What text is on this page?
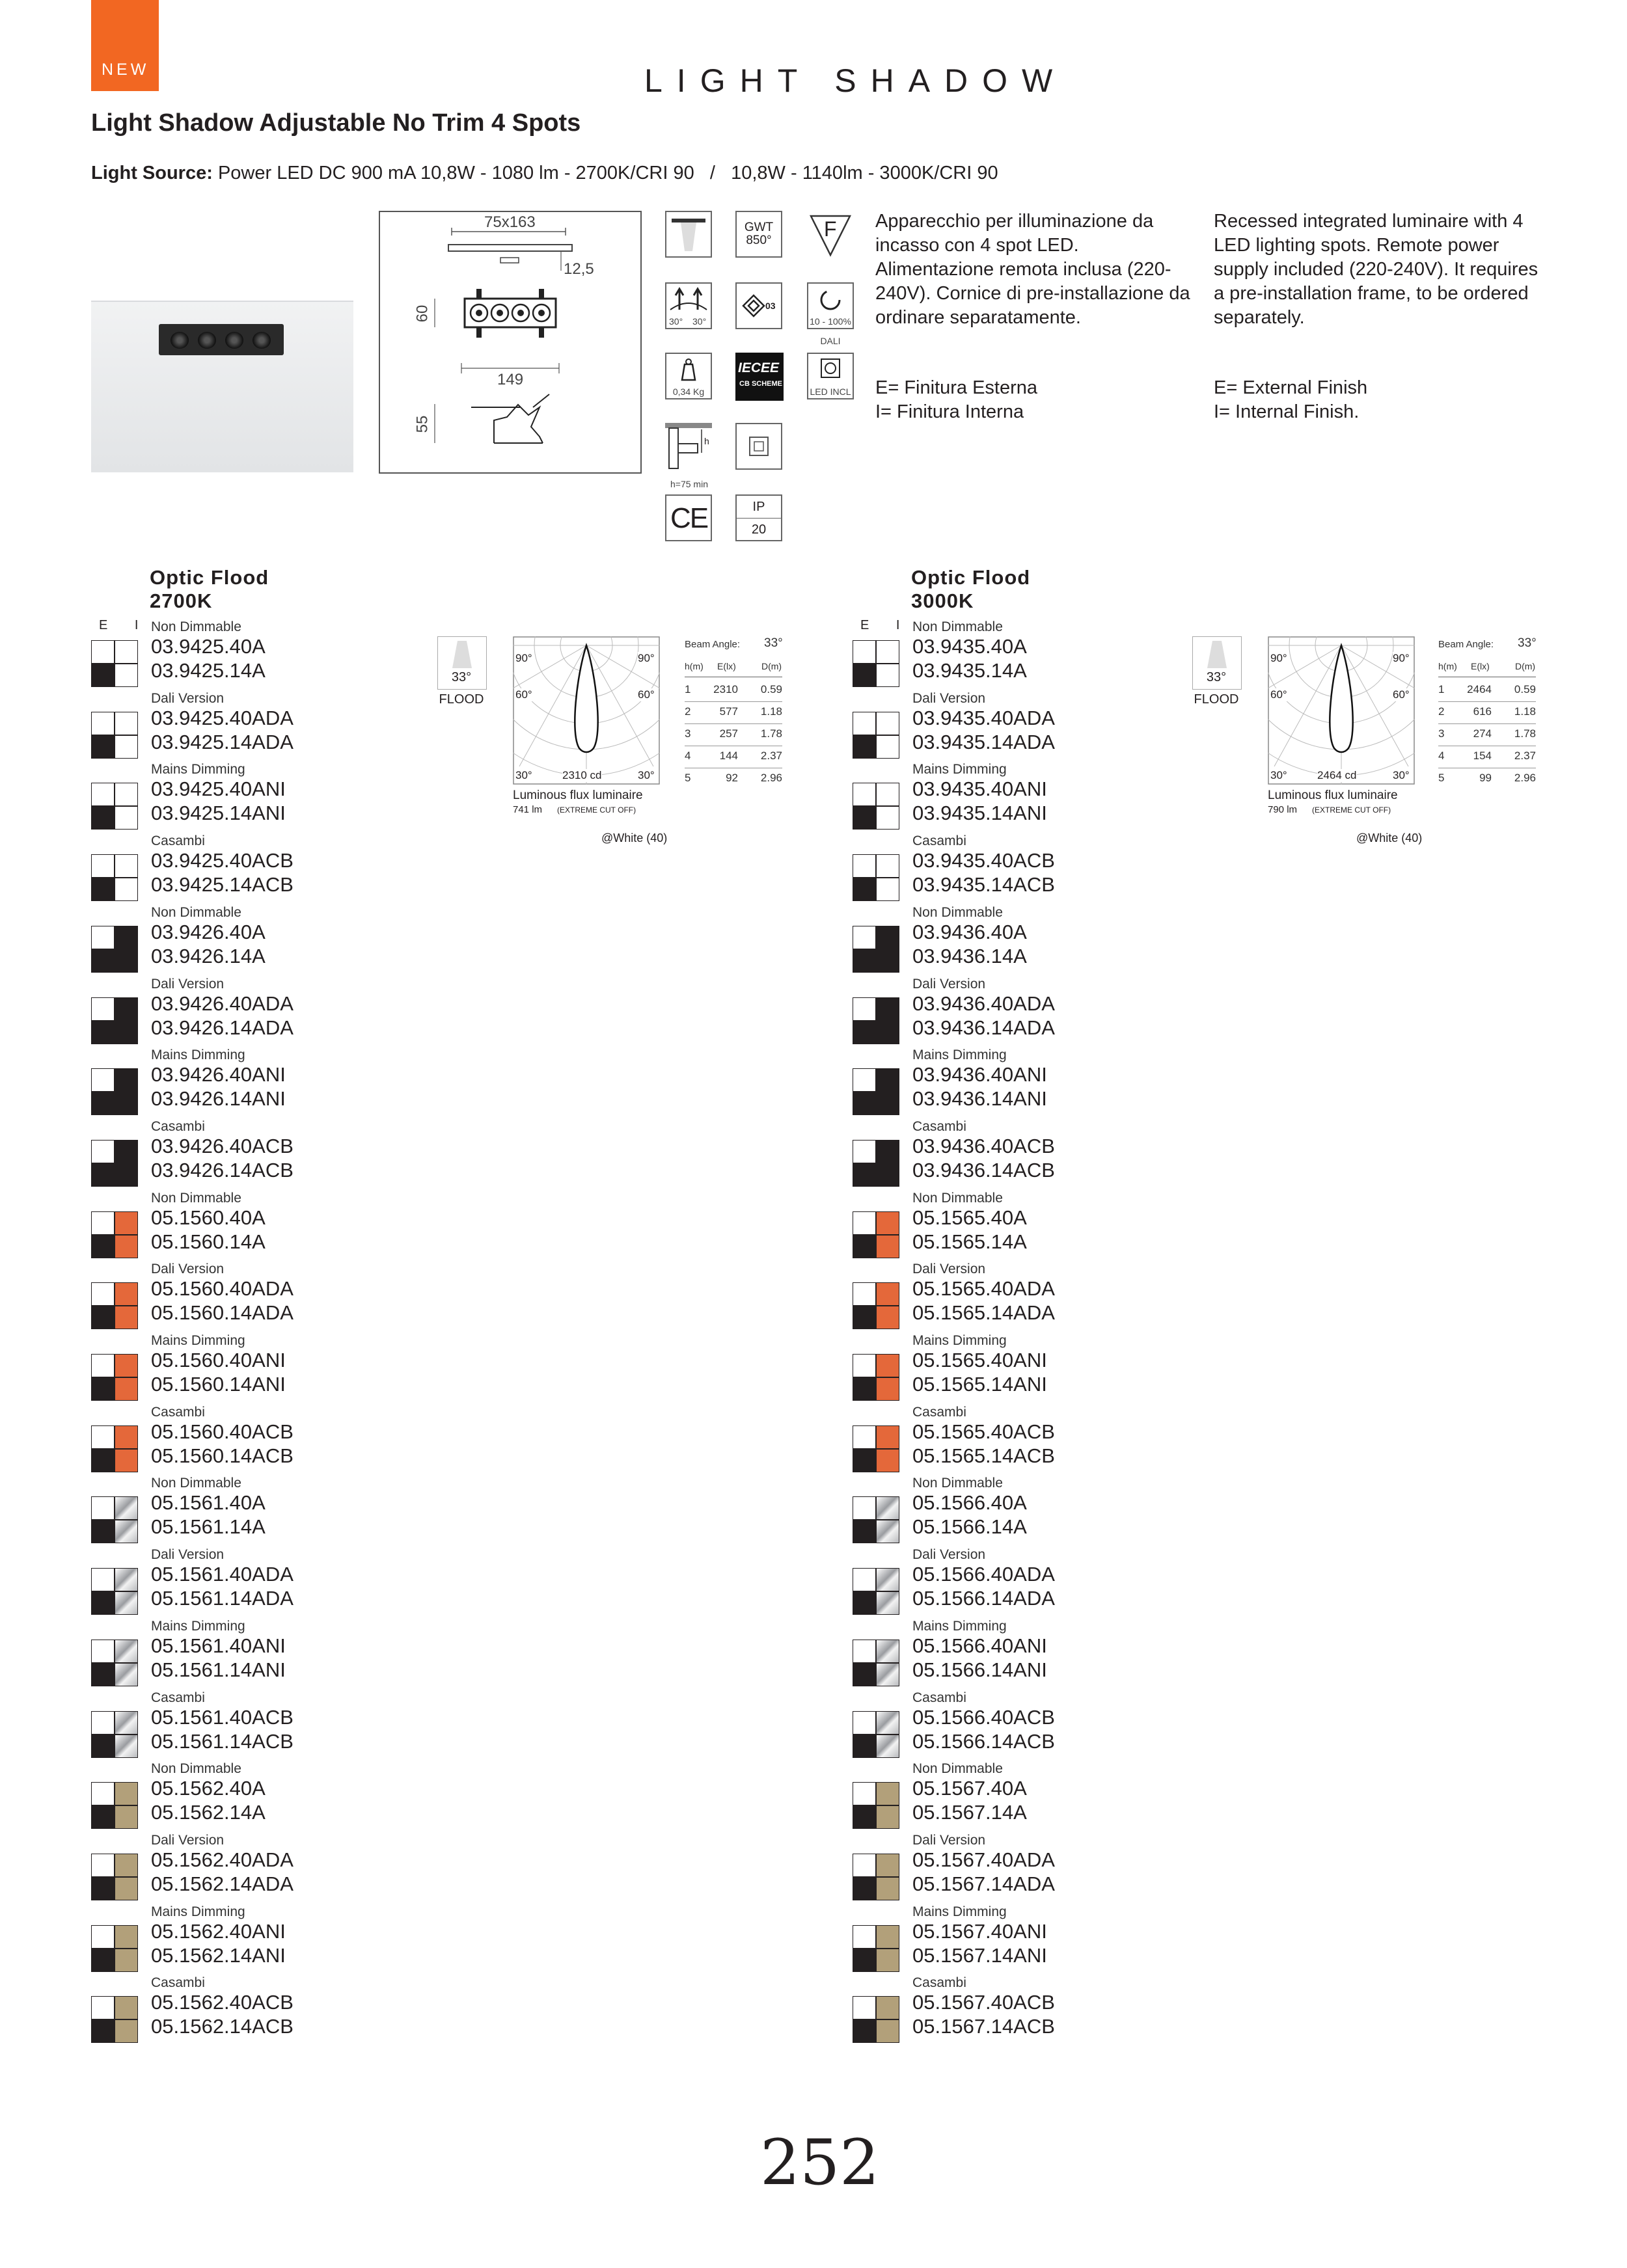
NEW	LIGHT SHADOW
Light Shadow Adjustable No Trim 4 Spots
Light Source: Power LED DC 900 mA 10,8W - 1080 lm - 2700K/CRI 90   /   10,8W - 1140lm - 3000K/CRI 90
75x163
12,5
60
149
55
GWT
850°	F
30° 30°
03
10 - 100%
DALI
0,34 Kg
IECEE
CB SCHEME
LED INCL
h
h=75 min
CE	IP
20
Apparecchio per illuminazione da incasso con 4 spot LED. Alimentazione remota inclusa (220-240V). Cornice di pre-installazione da ordinare separatamente.
E= Finitura Esterna
I= Finitura Interna
Recessed integrated luminaire with 4 LED lighting spots. Remote power supply included (220-240V). It requires a pre-installation frame, to be ordered separately.
E= External Finish
I= Internal Finish.
Optic Flood
2700K
E I Non Dimmable
03.9425.40A
03.9425.14A
Dali Version
03.9425.40ADA
03.9425.14ADA
Mains Dimming
03.9425.40ANI
03.9425.14ANI
Casambi
03.9425.40ACB
03.9425.14ACB
Non Dimmable
03.9426.40A
03.9426.14A
Dali Version
03.9426.40ADA
03.9426.14ADA
Mains Dimming
03.9426.40ANI
03.9426.14ANI
Casambi
03.9426.40ACB
03.9426.14ACB
Non Dimmable
05.1560.40A
05.1560.14A
Dali Version
05.1560.40ADA
05.1560.14ADA
Mains Dimming
05.1560.40ANI
05.1560.14ANI
Casambi
05.1560.40ACB
05.1560.14ACB
Non Dimmable
05.1561.40A
05.1561.14A
Dali Version
05.1561.40ADA
05.1561.14ADA
Mains Dimming
05.1561.40ANI
05.1561.14ANI
Casambi
05.1561.40ACB
05.1561.14ACB
Non Dimmable
05.1562.40A
05.1562.14A
Dali Version
05.1562.40ADA
05.1562.14ADA
Mains Dimming
05.1562.40ANI
05.1562.14ANI
Casambi
05.1562.40ACB
05.1562.14ACB
33°
FLOOD
90°	90°
60°	60°
30°	30°
2310 cd
Luminous flux luminaire
741 lm (EXTREME CUT OFF)
@White (40)
Beam Angle: 33°
h(m) E(lx)	D(m)
1	2310	0.59
2	577	1.18
3	257	1.78
4	144	2.37
5	92	2.96
Optic Flood
3000K
E I Non Dimmable
03.9435.40A
03.9435.14A
Dali Version
03.9435.40ADA
03.9435.14ADA
Mains Dimming
03.9435.40ANI
03.9435.14ANI
Casambi
03.9435.40ACB
03.9435.14ACB
Non Dimmable
03.9436.40A
03.9436.14A
Dali Version
03.9436.40ADA
03.9436.14ADA
Mains Dimming
03.9436.40ANI
03.9436.14ANI
Casambi
03.9436.40ACB
03.9436.14ACB
Non Dimmable
05.1565.40A
05.1565.14A
Dali Version
05.1565.40ADA
05.1565.14ADA
Mains Dimming
05.1565.40ANI
05.1565.14ANI
Casambi
05.1565.40ACB
05.1565.14ACB
Non Dimmable
05.1566.40A
05.1566.14A
Dali Version
05.1566.40ADA
05.1566.14ADA
Mains Dimming
05.1566.40ANI
05.1566.14ANI
Casambi
05.1566.40ACB
05.1566.14ACB
Non Dimmable
05.1567.40A
05.1567.14A
Dali Version
05.1567.40ADA
05.1567.14ADA
Mains Dimming
05.1567.40ANI
05.1567.14ANI
Casambi
05.1567.40ACB
05.1567.14ACB
33°
FLOOD
90°	90°
60°	60°
30°	30°
2464 cd
Luminous flux luminaire
790 lm (EXTREME CUT OFF)
@White (40)
Beam Angle: 33°
h(m) E(lx)	D(m)
1	2464	0.59
2	616	1.18
3	274	1.78
4	154	2.37
5	99	2.96
252
